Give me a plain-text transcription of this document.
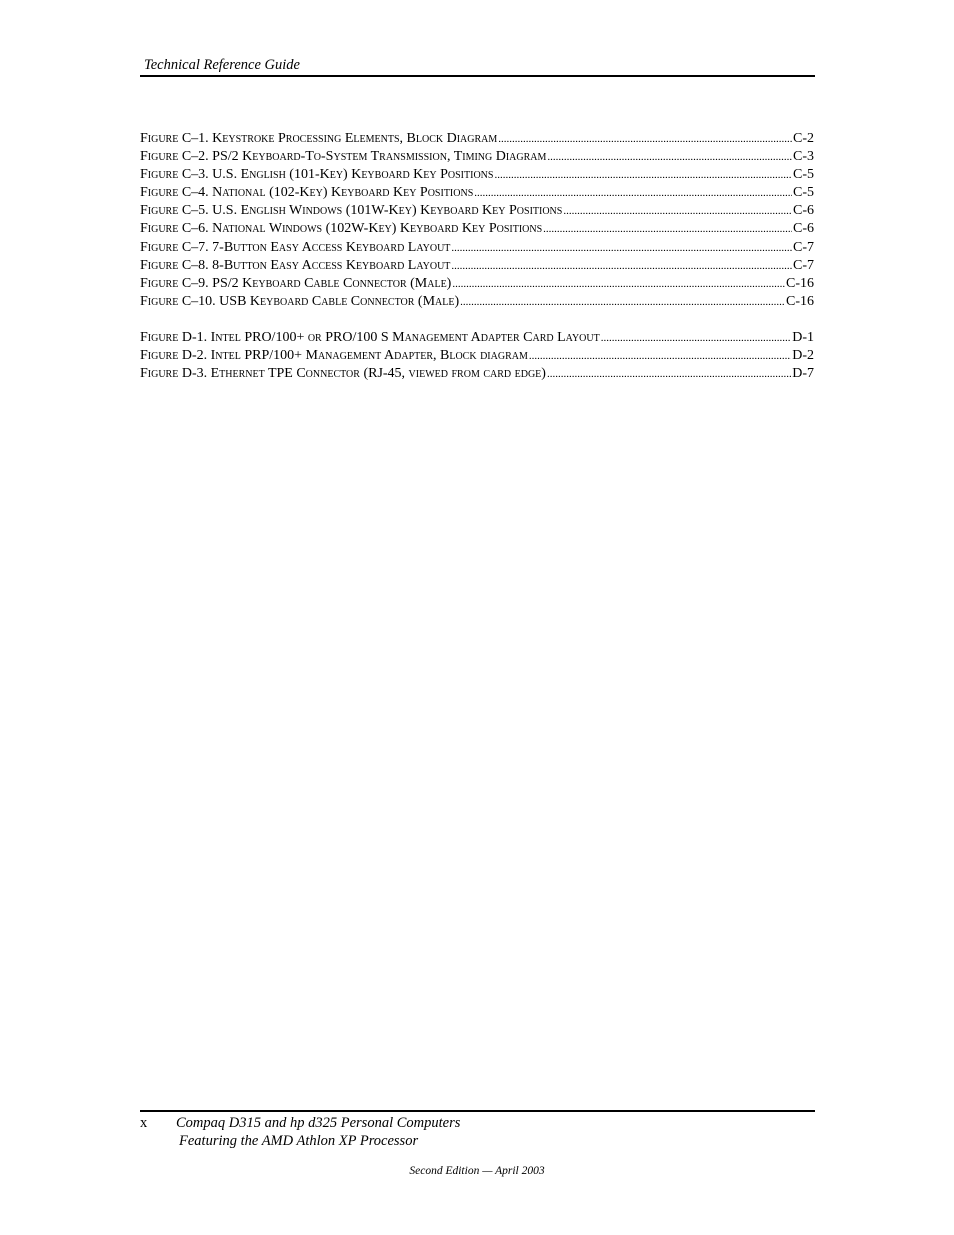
Technical Reference Guide
Figure C–1. Keystroke Processing Elements, Block Diagram .....	C-2
Figure C–2. PS/2 Keyboard-To-System Transmission, Timing Diagram .....	C-3
Figure C–3. U.S. English (101-Key) Keyboard Key Positions .....	C-5
Figure C–4. National (102-Key) Keyboard Key Positions .....	C-5
Figure C–5. U.S. English Windows (101W-Key) Keyboard Key Positions .....	C-6
Figure C–6. National Windows (102W-Key) Keyboard Key Positions .....	C-6
Figure C–7. 7-Button Easy Access Keyboard Layout .....	C-7
Figure C–8. 8-Button Easy Access Keyboard Layout .....	C-7
Figure C–9. PS/2 Keyboard Cable Connector (Male) .....	C-16
Figure C–10. USB Keyboard Cable Connector (Male) .....	C-16
Figure D-1. Intel PRO/100+ or PRO/100 S Management Adapter Card Layout .....	D-1
Figure D-2. Intel PRP/100+ Management Adapter, Block diagram .....	D-2
Figure D-3. Ethernet TPE Connector (RJ-45, viewed from card edge) .....	D-7
x Compaq D315 and hp d325 Personal Computers
Featuring the AMD Athlon XP Processor
Second Edition — April 2003
